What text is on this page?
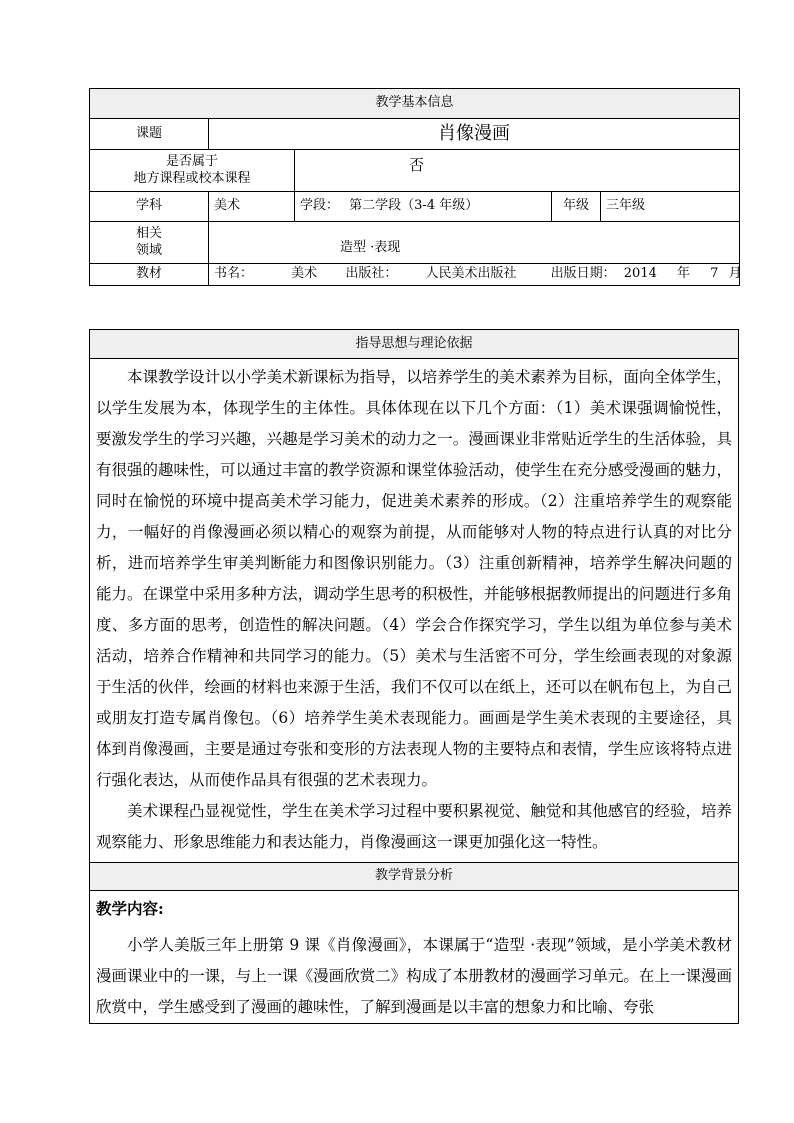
教学基本信息				
课题	肖像漫画			

是否属于
地方课程或校本课程		否		
学科	美术	学段： 第二学段（3-4 年级）	年级	三年级

相关
领域	造型 ·表现			
教材	书名： 美术 出版社： 人民美术出版社 出版日期： 2014 年 7 月			
指导思想与理论依据

本课教学设计以小学美术新课标为指导，以培养学生的美术素养为目标，面向全体学生，以学生发展为本，体现学生的主体性。具体体现在以下几个方面：（1）美术课强调愉悦性，要激发学生的学习兴趣，兴趣是学习美术的动力之一。漫画课业非常贴近学生的生活体验，具有很强的趣味性，可以通过丰富的教学资源和课堂体验活动，使学生在充分感受漫画的魅力，同时在愉悦的环境中提高美术学习能力，促进美术素养的形成。（2）注重培养学生的观察能力，一幅好的肖像漫画必须以精心的观察为前提，从而能够对人物的特点进行认真的对比分析，进而培养学生审美判断能力和图像识别能力。（3）注重创新精神，培养学生解决问题的能力。在课堂中采用多种方法，调动学生思考的积极性，并能够根据教师提出的问题进行多角度、多方面的思考，创造性的解决问题。（4）学会合作探究学习，学生以组为单位参与美术活动，培养合作精神和共同学习的能力。（5）美术与生活密不可分，学生绘画表现的对象源于生活的伙伴，绘画的材料也来源于生活，我们不仅可以在纸上，还可以在帆布包上，为自己或朋友打造专属肖像包。（6）培养学生美术表现能力。画画是学生美术表现的主要途径，具体到肖像漫画，主要是通过夸张和变形的方法表现人物的主要特点和表情，学生应该将特点进行强化表达，从而使作品具有很强的艺术表现力。

美术课程凸显视觉性，学生在美术学习过程中要积累视觉、触觉和其他感官的经验，培养观察能力、形象思维能力和表达能力，肖像漫画这一课更加强化这一特性。

教学背景分析

教学内容:

小学人美版三年上册第 9 课《肖像漫画》，本课属于“造型 ·表现”领域，是小学美术教材漫画课业中的一课，与上一课《漫画欣赏二》构成了本册教材的漫画学习单元。在上一课漫画欣赏中，学生感受到了漫画的趣味性，了解到漫画是以丰富的想象力和比喻、夸张
